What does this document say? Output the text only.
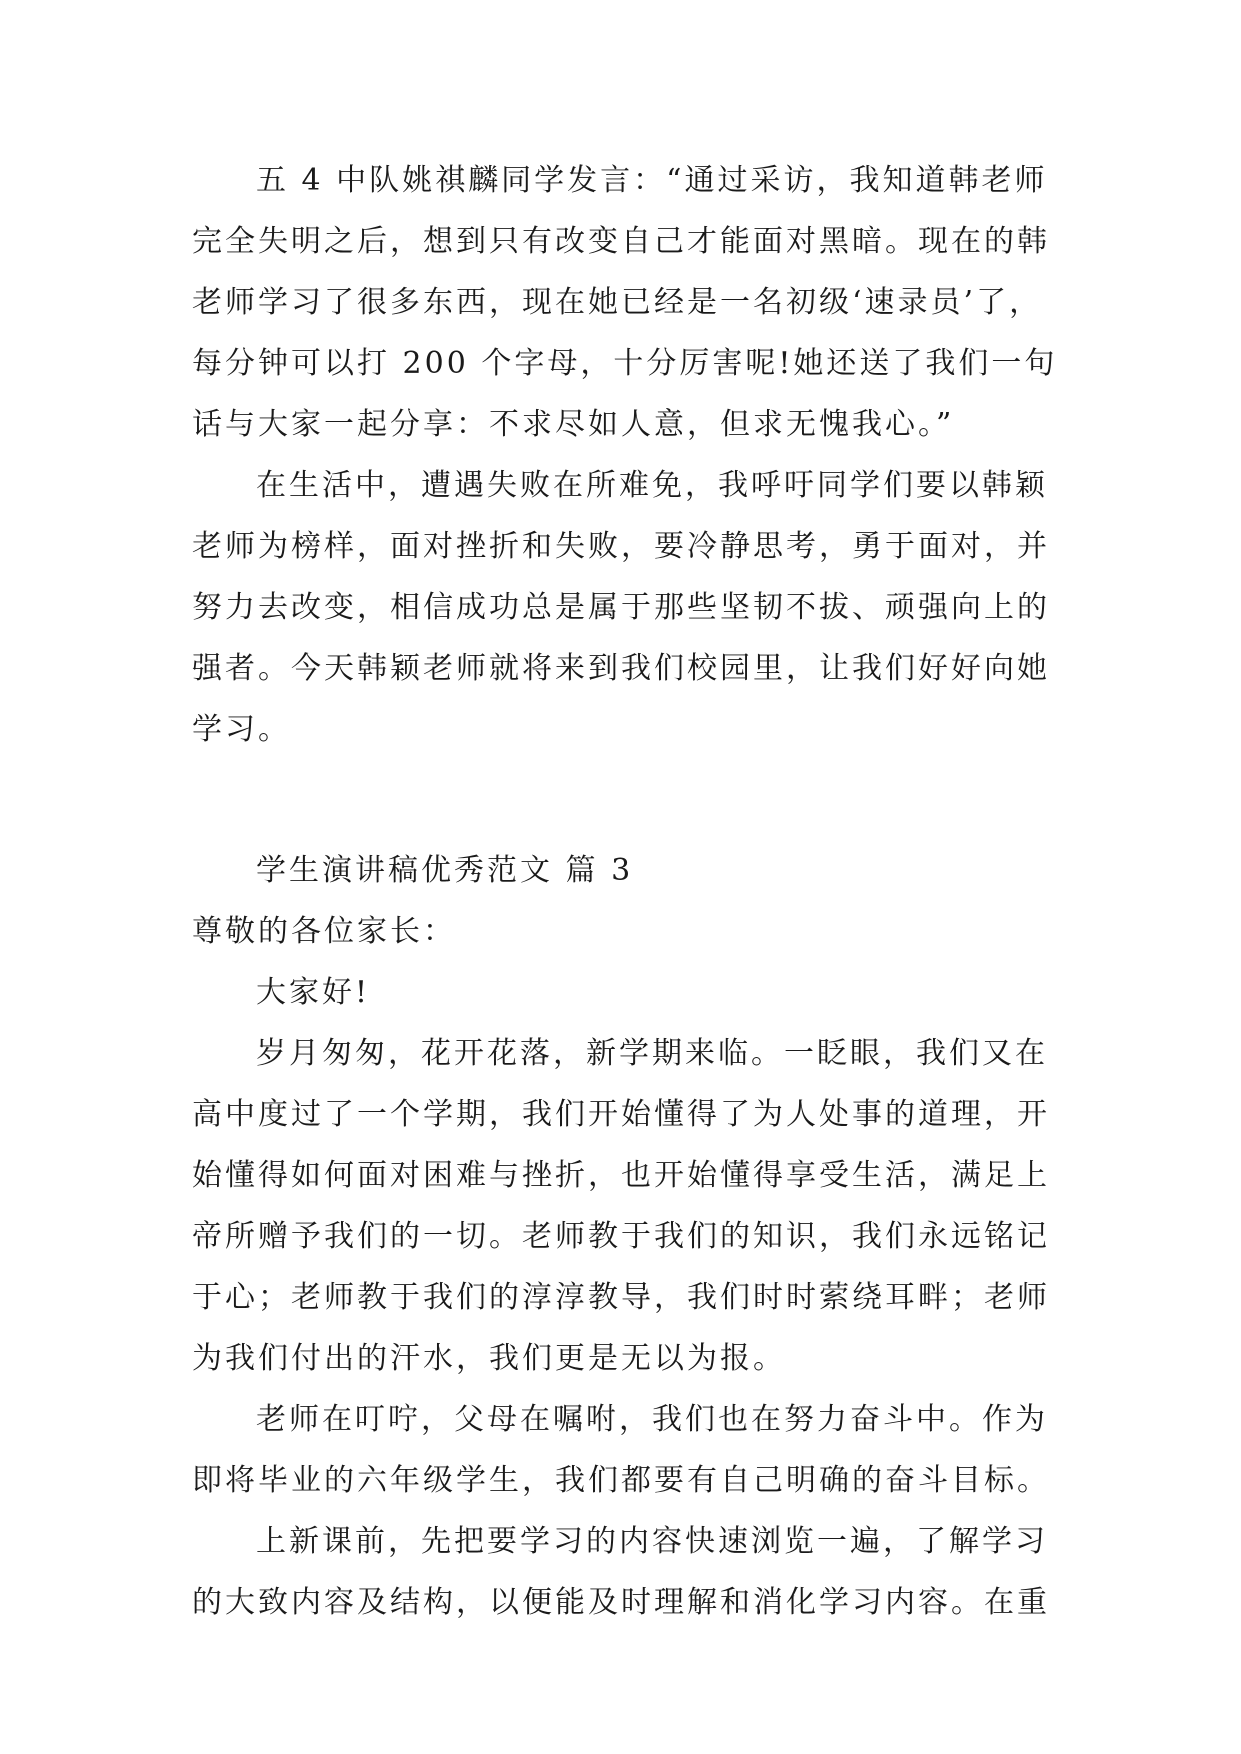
五 4 中队姚祺麟同学发言：“通过采访，我知道韩老师
完全失明之后，想到只有改变自己才能面对黑暗。现在的韩
老师学习了很多东西，现在她已经是一名初级‘速录员’了，
每分钟可以打 200 个字母，十分厉害呢!她还送了我们一句
话与大家一起分享：不求尽如人意，但求无愧我心。”
在生活中，遭遇失败在所难免，我呼吁同学们要以韩颖
老师为榜样，面对挫折和失败，要冷静思考，勇于面对，并
努力去改变，相信成功总是属于那些坚韧不拔、顽强向上的
强者。今天韩颖老师就将来到我们校园里，让我们好好向她
学习。
学生演讲稿优秀范文 篇 3
尊敬的各位家长：
大家好!
岁月匆匆，花开花落，新学期来临。一眨眼，我们又在
高中度过了一个学期，我们开始懂得了为人处事的道理，开
始懂得如何面对困难与挫折，也开始懂得享受生活，满足上
帝所赠予我们的一切。老师教于我们的知识，我们永远铭记
于心；老师教于我们的淳淳教导，我们时时萦绕耳畔；老师
为我们付出的汗水，我们更是无以为报。
老师在叮咛，父母在嘱咐，我们也在努力奋斗中。作为
即将毕业的六年级学生，我们都要有自己明确的奋斗目标。
上新课前，先把要学习的内容快速浏览一遍，了解学习
的大致内容及结构，以便能及时理解和消化学习内容。在重
